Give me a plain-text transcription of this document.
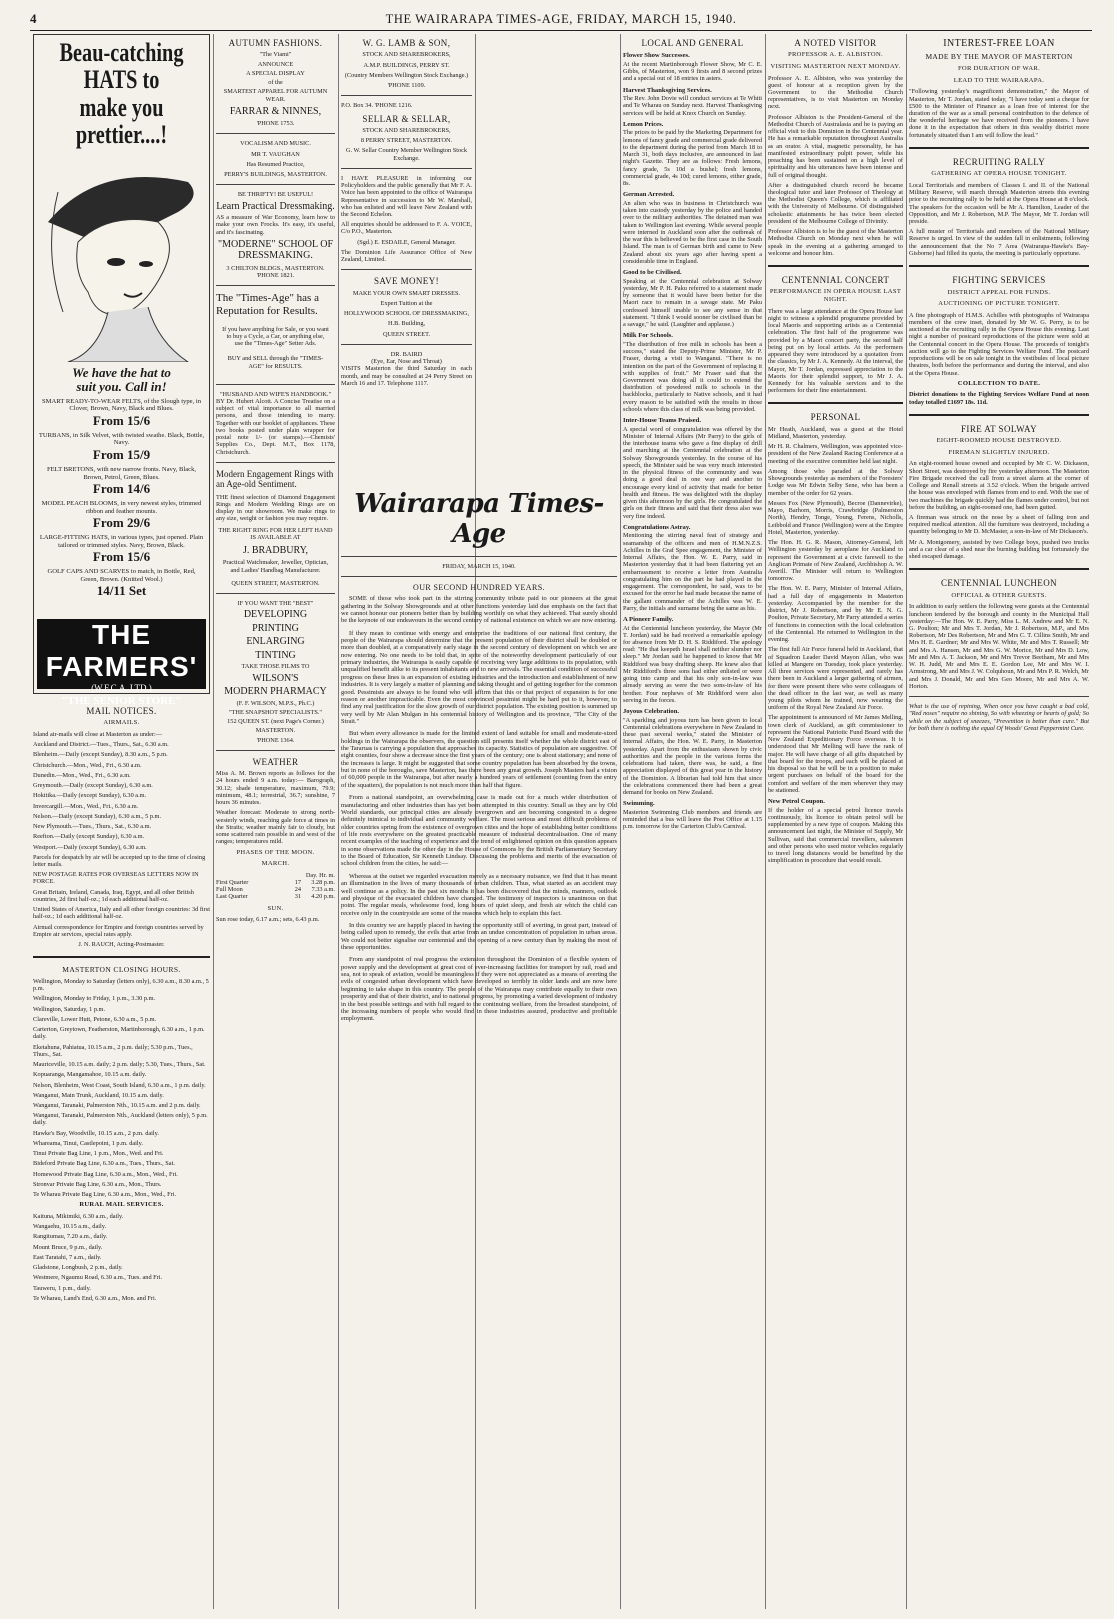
4	THE WAIRARAPA TIMES-AGE, FRIDAY, MARCH 15, 1940.
Beau-catching HATS to
make you prettier....!
We have the hat to
suit you. Call in!
SMART READY-TO-WEAR FELTS, of the Slough type, in Clover, Brown, Navy, Black and Blues.
From 15/6
TURBANS, in Silk Velvet, with twisted swathe. Black, Bottle, Navy.
From 15/9
FELT BRETONS, with new narrow fronts. Navy, Black, Brown, Petrol, Green, Blues.
From 14/6
MODEL PEACH BLOOMS, in very newest styles, trimmed ribbon and feather mounts.
From 29/6
LARGE-FITTING HATS, in various types, just opened. Plain tailored or trimmed styles. Navy, Brown, Black.
From 15/6
GOLF CAPS AND SCARVES to match, in Bottle, Red, Green, Brown. (Knitted Wool.)
14/11 Set
THE FARMERS'
(W.F.C.A. LTD.)
"THE SENIOR STORE"
MAIL NOTICES.
AIRMAILS.

Island air-mails will close at Masterton as under:—

Auckland and District.—Tues., Thurs., Sat., 6.30 a.m.

Blenheim.—Daily (except Sunday), 8.30 a.m., 5 p.m.

Christchurch.—Mon., Wed., Fri., 6.30 a.m.

Dunedin.—Mon., Wed., Fri., 6.30 a.m.

Greymouth.—Daily (except Sunday), 6.30 a.m.

Hokitika.—Daily (except Sunday), 6.30 a.m.

Invercargill.—Mon., Wed., Fri., 6.30 a.m.

Nelson.—Daily (except Sunday), 6.30 a.m., 5 p.m.

New Plymouth.—Tues., Thurs., Sat., 6.30 a.m.

Reefton.—Daily (except Sunday), 6.30 a.m.

Westport.—Daily (except Sunday), 6.30 a.m.

Parcels for despatch by air will be accepted up to the time of closing letter mails.

NEW POSTAGE RATES FOR OVERSEAS LETTERS NOW IN FORCE.

Great Britain, Ireland, Canada, Iraq, Egypt, and all other British countries, 2d first half-oz.; 1d each additional half-oz.

United States of America, Italy and all other foreign countries: 3d first half-oz.; 1d each additional half-oz.

Airmail correspondence for Empire and foreign countries served by Empire air services, special rates apply.

J. N. RAUCH, Acting-Postmaster.

MASTERTON CLOSING HOURS.

Wellington, Monday to Saturday (letters only), 6.30 a.m., 8.30 a.m., 5 p.m.

Wellington, Monday to Friday, 1 p.m., 3.30 p.m.

Wellington, Saturday, 1 p.m.

Clareville, Lower Hutt, Petone, 6.30 a.m., 5 p.m.

Carterton, Greytown, Featherston, Martinborough, 6.30 a.m., 1 p.m. daily.

Eketahuna, Pahiatua, 10.15 a.m., 2 p.m. daily; 5.30 p.m., Tues., Thurs., Sat.

Mauriceville, 10.15 a.m. daily; 2 p.m. daily; 5.30, Tues., Thurs., Sat.

Kopuaranga, Mangamahoe, 10.15 a.m. daily.

Nelson, Blenheim, West Coast, South Island, 6.30 a.m., 1 p.m. daily.

Wanganui, Main Trunk, Auckland, 10.15 a.m. daily.

Wanganui, Taranaki, Palmerston Nth., 10.15 a.m. and 2 p.m. daily.

Wanganui, Taranaki, Palmerston Nth., Auckland (letters only), 5 p.m. daily.

Hawke's Bay, Woodville, 10.15 a.m., 2 p.m. daily.

Whareama, Tinui, Castlepoint, 1 p.m. daily.

Tinui Private Bag Line, 1 p.m., Mon., Wed. and Fri.

Bideford Private Bag Line, 6.30 a.m., Tues., Thurs., Sat.

Homewood Private Bag Line, 6.30 a.m., Mon., Wed., Fri.

Stronvar Private Bag Line, 6.30 a.m., Mon., Thurs.

Te Wharau Private Bag Line, 6.30 a.m., Mon., Wed., Fri.

RURAL MAIL SERVICES.

Kaituna, Mikimiki, 6.30 a.m., daily.

Wangaehu, 10.15 a.m., daily.

Rangitumau, 7.20 a.m., daily.

Mount Bruce, 9 p.m., daily.

East Taratahi, 7 a.m., daily.

Gladstone, Longbush, 2 p.m., daily.

Westmere, Ngaumu Road, 6.30 a.m., Tues. and Fri.

Tauweru, 1 p.m., daily.

Te Wharau, Land's End, 6.30 a.m., Mon. and Fri.

AUTUMN FASHIONS.

"The Viami"

ANNOUNCE

A SPECIAL DISPLAY

of the

SMARTEST APPAREL FOR AUTUMN WEAR.

FARRAR & NINNES,
'PHONE 1753.
VOCALISM AND MUSIC.

MR T. VAUGHAN

Has Resumed Practice,

PERRY'S BUILDINGS, MASTERTON.

BE THRIFTY! BE USEFUL!
Learn Practical Dressmaking.

AS a measure of War Economy, learn how to make your own Frocks. It's easy, it's useful, and it's fascinating.

"MODERNE" SCHOOL OF DRESSMAKING.
3 CHILTON BLDGS., MASTERTON. 'PHONE 1821.
The "Times-Age" has a Reputation for Results.

If you have anything for Sale, or you want to buy a Cycle, a Car, or anything else, use the "Times-Age" Setter Ads.

BUY and SELL through the "TIMES-AGE" for RESULTS.

"HUSBAND AND WIFE'S HANDBOOK."

BY Dr. Hubert Alcott. A Concise Treatise on a subject of vital importance to all married persons, and those intending to marry. Together with our booklet of appliances. These two books posted under plain wrapper for postal note 1/- (or stamps).—Chemists' Supplies Co., Dept. M.T., Box 1178, Christchurch.

Modern Engagement Rings with an Age-old Sentiment.

THE finest selection of Diamond Engagement Rings and Modern Wedding Rings are on display in our showroom. We make rings to any size, weight or fashion you may require.

THE RIGHT RING FOR HER LEFT HAND IS AVAILABLE AT
J. BRADBURY,
Practical Watchmaker, Jeweller, Optician, and Ladies' Handbag Manufacturer.
QUEEN STREET, MASTERTON.
IF YOU WANT THE "BEST"
DEVELOPING
PRINTING
ENLARGING
TINTING
TAKE THOSE FILMS TO
WILSON'S
MODERN PHARMACY
(F. F. WILSON, M.P.S., Ph.C.)
"THE SNAPSHOT SPECIALISTS."
152 QUEEN ST. (next Page's Corner.)
MASTERTON.
'PHONE 1364.
WEATHER

Miss A. M. Brown reports as follows for the 24 hours ended 9 a.m. today:— Barograph, 30.12; shade temperature, maximum, 79.9; minimum, 48.1; terrestrial, 36.7; sunshine, 7 hours 36 minutes.

Weather forecast: Moderate to strong north-westerly winds, reaching gale force at times in the Straits; weather mainly fair to cloudy, but some scattered rain possible in and west of the ranges; temperatures mild.

PHASES OF THE MOON.
MARCH.
Day. Hr. m.
First Quarter	17	3.28 p.m.
Full Moon	24	7.33 a.m.
Last Quarter	31	4.20 p.m.
SUN.

Sun rose today, 6.17 a.m.; sets, 6.43 p.m.

W. G. LAMB & SON,

STOCK AND SHAREBROKERS,

A.M.P. BUILDINGS, PERRY ST.

(Country Members Wellington Stock Exchange.)

'PHONE 1109.

P.O. Box 34. 'PHONE 1216.
SELLAR & SELLAR,

STOCK AND SHAREBROKERS,

8 PERRY STREET, MASTERTON.

G. W. Sellar Country Member Wellington Stock Exchange.

I HAVE PLEASURE in informing our Policyholders and the public generally that Mr F. A. Voice has been appointed to the office of Wairarapa Representative in succession to Mr W. Marshall, who has enlisted and will leave New Zealand with the Second Echelon.

All enquiries should be addressed to F. A. VOICE, C/o P.O., Masterton.

(Sgd.) E. ESDAILE, General Manager.

The Dominion Life Assurance Office of New Zealand, Limited.

SAVE MONEY!

MAKE YOUR OWN SMART DRESSES.

Expert Tuition at the

HOLLYWOOD SCHOOL OF DRESSMAKING,

H.B. Building,

QUEEN STREET.

DR. BAIRD
(Eye, Ear, Nose and Throat)

VISITS Masterton the third Saturday in each month, and may be consulted at 24 Perry Street on March 16 and 17. Telephone 1117.

Wairarapa Times-Age
FRIDAY, MARCH 15, 1940.
OUR SECOND HUNDRED YEARS.

SOME of those who took part in the stirring community tribute paid to our pioneers at the great gathering in the Solway Showgrounds and at other functions yesterday laid due emphasis on the fact that we cannot honour our pioneers better than by building worthily on what they achieved. That surely should be the keynote of our endeavours in the second century of national existence on which we are now entering.

If they mean to continue with energy and enterprise the traditions of our national first century, the people of the Wairarapa should determine that the present population of their district shall be doubled or more than doubled, at a comparatively early stage in the second century of development on which we are now entering. No one needs to be told that, in spite of the noteworthy development particularly of our primary industries, the Wairarapa is easily capable of receiving very large additions to its population, with unqualified benefit alike to its present inhabitants and to new arrivals. The essential condition of successful progress on these lines is an expansion of existing industries and the introduction and establishment of new industries. It is very largely a matter of planning and taking thought and of getting together for the common good. Pessimists are always to be found who will affirm that this or that project of expansion is for one reason or another impracticable. Even the most convinced pessimist might be hard put to it, however, to find any real justification for the slow growth of our district population. The existing position is summed up very well by Mr Alan Mulgan in his centennial history of Wellington and its province, "The City of the Strait."

But when every allowance is made for the limited extent of land suitable for small and moderate-sized holdings in the Wairarapa the observers, the question still presents itself whether the whole district east of the Tararuas is carrying a population that approaches its capacity. Statistics of population are suggestive. Of eight counties, four show a decrease since the first years of the century; one is about stationary; and none of the increases is large. It might be suggested that some country population has been absorbed by the towns, but in none of the boroughs, save Masterton, has there been any great growth. Joseph Masters had a vision of 60,000 people in the Wairarapa, but after nearly a hundred years of settlement (counting from the entry of the squatters), the population is not much more than half that figure.

From a national standpoint, an overwhelming case is made out for a much wider distribution of manufacturing and other industries than has yet been attempted in this country. Small as they are by Old World standards, our principal cities are already overgrown and are becoming congested in a degree definitely inimical to individual and community welfare. The most serious and most difficult problems of older countries spring from the existence of overgrown cities and the hope of establishing better conditions of life rests everywhere on the greatest practicable measure of industrial decentralisation. One of many recent examples of the teaching of experience and the trend of enlightened opinion on this question appears in some observations made the other day in the House of Commons by the British Parliamentary Secretary to the Board of Education, Sir Kenneth Lindsay. Discussing the problems and merits of the evacuation of school children from the cities, he said:—

Whereas at the outset we regarded evacuation merely as a necessary nuisance, we find that it has meant an illumination in the lives of many thousands of urban children. Thus, what started as an accident may well continue as a policy. In the past six months it has been discovered that the minds, manners, outlook and physique of the evacuated children have changed. The testimony of inspectors is unanimous on that point. The regular meals, wholesome food, long hours of quiet sleep, and fresh air which the child can receive only in the countryside are some of the reasons which help to explain this fact.

In this country we are happily placed in having the opportunity still of averting, in great part, instead of being called upon to remedy, the evils that arise from an undue concentration of population in urban areas. We could not better signalise our centennial and the opening of a new century than by making the most of these opportunities.

From any standpoint of real progress the extension throughout the Dominion of a flexible system of power supply and the development at great cost of ever-increasing facilities for transport by rail, road and sea, not to speak of aviation, would be meaningless if they were not appreciated as a means of averting the evils of congested urban development which have developed so terribly in older lands and are now here beginning to take shape in this country. The people of the Wairarapa may contribute equally to their own prosperity and that of their district, and to national progress, by promoting a varied development of industry in the best possible settings and with full regard to the continuing welfare, from the broadest standpoint, of the increasing numbers of people who would find in these industries assured, productive and profitable employment.

LOCAL AND GENERAL
Flower Show Successes.

At the recent Martinborough Flower Show, Mr C. E. Gibbs, of Masterton, won 9 firsts and 8 second prizes and a special out of 18 entries in asters.

Harvest Thanksgiving Services.

The Rev. John Dovie will conduct services at Te Whiti and Te Wharau on Sunday next. Harvest Thanksgiving services will be held at Knox Church on Sunday.

Lemon Prices.

The prices to be paid by the Marketing Department for lemons of fancy grade and commercial grade delivered to the department during the period from March 18 to March 31, both days inclusive, are announced in last night's Gazette. They are as follows: Fresh lemons, fancy grade, 5s 10d a bushel; fresh lemons, commercial grade, 4s 10d; cured lemons, either grade, 8s.

German Arrested.

An alien who was in business in Christchurch was taken into custody yesterday by the police and handed over to the military authorities. The detained man was taken to Wellington last evening. While several people were interned in Auckland soon after the outbreak of the war this is believed to be the first case in the South Island. The man is of German birth and came to New Zealand about six years ago after having spent a considerable time in England.

Good to be Civilised.

Speaking at the Centennial celebration at Solway yesterday, Mr P. H. Paku referred to a statement made by someone that it would have been better for the Maori race to remain in a savage state. Mr Paku confessed himself unable to see any sense in that statement. "I think I would sooner be civilised than be a savage," he said. (Laughter and applause.)

Milk For Schools.

"The distribution of free milk in schools has been a success," stated the Deputy-Prime Minister, Mr P. Fraser, during a visit to Wanganui. "There is no intention on the part of the Government of replacing it with supplies of fruit." Mr Fraser said that the Government was doing all it could to extend the distribution of powdered milk to schools in the backblocks, particularly to Native schools, and it had every reason to be satisfied with the results in those schools where this class of milk was being provided.

Inter-House Teams Praised.

A special word of congratulation was offered by the Minister of Internal Affairs (Mr Parry) to the girls of the interhouse teams who gave a fine display of drill and marching at the Centennial celebration at the Solway Showgrounds yesterday. In the course of his speech, the Minister said he was very much interested in the physical fitness of the community and was doing a good deal in one way and another to encourage every kind of activity that made for better health and fitness. He was delighted with the display given this afternoon by the girls. He congratulated the girls on their fitness and said that their dress also was very fine indeed.

Congratulations Astray.

Mentioning the stirring naval feat of strategy and seamanship of the officers and men of H.M.N.Z.S. Achilles in the Graf Spee engagement, the Minister of Internal Affairs, the Hon. W. E. Parry, said in Masterton yesterday that it had been flattering yet an embarrassment to receive a letter from Australia congratulating him on the part he had played in the engagement. The correspondent, he said, was to be excused for the error he had made because the name of the gallant commander of the Achilles was W. E. Parry, the initials and surname being the same as his.

A Pioneer Family.

At the Centennial luncheon yesterday, the Mayor (Mr T. Jordan) said he had received a remarkable apology for absence from Mr D. H. S. Riddiford. The apology read: "He that keepeth Israel shall neither slumber nor sleep." Mr Jordan said he happened to know that Mr Riddiford was busy drafting sheep. He knew also that Mr Riddiford's three sons had either enlisted or were going into camp and that his only son-in-law was already serving as were the two sons-in-law of his brother. Four nephews of Mr Riddiford were also serving in the forces.

Joyous Celebration.

"A sparkling and joyous turn has been given to local Centennial celebrations everywhere in New Zealand in these past several weeks," stated the Minister of Internal Affairs, the Hon. W. E. Parry, in Masterton yesterday. Apart from the enthusiasm shown by civic authorities and the people in the various forms the celebrations had taken, there was, he said, a fine appreciation displayed of this great year in the history of the Dominion. A librarian had told him that since the celebrations commenced there had been a great demand for books on New Zealand.

Swimming.

Masterton Swimming Club members and friends are reminded that a bus will leave the Post Office at 1.15 p.m. tomorrow for the Carterton Club's Carnival.

A NOTED VISITOR
PROFESSOR A. E. ALBISTON.
VISITING MASTERTON NEXT MONDAY.

Professor A. E. Albiston, who was yesterday the guest of honour at a reception given by the Government to the Methodist Church representatives, is to visit Masterton on Monday next.

Professor Albiston is the President-General of the Methodist Church of Australasia and he is paying an official visit to this Dominion in the Centennial year. He has a remarkable reputation throughout Australia as an orator. A vital, magnetic personality, he has manifested extraordinary pulpit power, while his preaching has been sustained on a high level of spirituality and his utterances have been intense and full of original thought.

After a distinguished church record he became theological tutor and later Professor of Theology at the Methodist Queen's College, which is affiliated with the University of Melbourne. Of distinguished scholastic attainments he has twice been elected president of the Melbourne College of Divinity.

Professor Albiston is to be the guest of the Masterton Methodist Church on Monday next when he will speak in the evening at a gathering arranged to welcome and honour him.

CENTENNIAL CONCERT
PERFORMANCE IN OPERA HOUSE LAST NIGHT.

There was a large attendance at the Opera House last night to witness a splendid programme provided by local Maoris and supporting artists as a Centennial celebration. The first half of the programme was provided by a Maori concert party, the second half being put on by local artists. At the performers appeared they were introduced by a quotation from the classics, by Mr J. A. Kennedy. At the interval, the Mayor, Mr T. Jordan, expressed appreciation to the Maoris for their splendid support, to Mr J. A. Kennedy for his valuable services and to the performers for their fine entertainment.

PERSONAL

Mr Heath, Auckland, was a guest at the Hotel Midland, Masterton, yesterday.

Mr H. R. Chalmers, Wellington, was appointed vice-president of the New Zealand Racing Conference at a meeting of the executive committee held last night.

Among those who paraded at the Solway Showgrounds yesterday as members of the Foresters' Lodge was Mr Edwin Selby Sene, who has been a member of the order for 62 years.

Messrs Fox (New Plymouth), Becroe (Dannevirke), Mayo, Barhorn, Morris, Crawbridge (Palmerston North), Hendry, Tonge, Young, Ferens, Nicholls, Leibbold and France (Wellington) were at the Empire Hotel, Masterton, yesterday.

The Hon. H. G. R. Mason, Attorney-General, left Wellington yesterday by aeroplane for Auckland to represent the Government at a civic farewell to the Anglican Primate of New Zealand, Archbishop A. W. Averill. The Minister will return to Wellington tomorrow.

The Hon. W. E. Parry, Minister of Internal Affairs, had a full day of engagements in Masterton yesterday. Accompanied by the member for the district, Mr J. Robertson, and by Mr E. N. G. Poulton, Private Secretary, Mr Parry attended a series of functions in connection with the local celebration of the Centennial. He returned to Wellington in the evening.

The first full Air Force funeral held in Auckland, that of Squadron Leader David Mayon Allan, who was killed at Mangere on Tuesday, took place yesterday. All three services were represented, and rarely has there been in Auckland a larger gathering of airmen, for there were present there who were colleagues of the dead officer in the last war, as well as many young pilots whom he trained, now wearing the uniform of the Royal New Zealand Air Force.

The appointment is announced of Mr James Melling, town clerk of Auckland, as gift commissioner to represent the National Patriotic Fund Board with the New Zealand Expeditionary Force overseas. It is understood that Mr Melling will have the rank of major. He will have charge of all gifts dispatched by that board for the troops, and each will be placed at his disposal so that he will be in a position to make urgent purchases on behalf of the board for the comfort and welfare of the men wherever they may be stationed.

New Petrol Coupon.

If the holder of a special petrol licence travels continuously, his licence to obtain petrol will be supplemented by a new type of coupon. Making this announcement last night, the Minister of Supply, Mr Sullivan, said that commercial travellers, salesmen and other persons who used motor vehicles regularly to travel long distances would be benefited by the simplification in procedure that would result.

INTEREST-FREE LOAN
MADE BY THE MAYOR OF MASTERTON
FOR DURATION OF WAR.
LEAD TO THE WAIRARAPA.

"Following yesterday's magnificent demonstration," the Mayor of Masterton, Mr T. Jordan, stated today, "I have today sent a cheque for £500 to the Minister of Finance as a loan free of interest for the duration of the war as a small personal contribution to the defence of the wonderful heritage we have received from the pioneers. I have done it in the expectation that others in this wealthy district more fortunately situated than I am will follow the lead."

RECRUITING RALLY
GATHERING AT OPERA HOUSE TONIGHT.

Local Territorials and members of Classes I. and II. of the National Military Reserve, will march through Masterton streets this evening prior to the recruiting rally to be held at the Opera House at 8 o'clock. The speakers for the occasion will be Mr A. Hamilton, Leader of the Opposition, and Mr J. Robertson, M.P. The Mayor, Mr T. Jordan will preside.

A full muster of Territorials and members of the National Military Reserve is urged. In view of the sudden fall in enlistments, following the announcement that the No 7 Area (Wairarapa-Hawke's Bay-Gisborne) had filled its quota, the meeting is particularly opportune.

FIGHTING SERVICES
DISTRICT APPEAL FOR FUNDS.
AUCTIONING OF PICTURE TONIGHT.

A fine photograph of H.M.S. Achilles with photographs of Wairarapa members of the crew inset, donated by Mr W. G. Perry, is to be auctioned at the recruiting rally in the Opera House this evening. Last night a number of postcard reproductions of the picture were sold at the Centennial concert in the Opera House. The proceeds of tonight's auction will go to the Fighting Services Welfare Fund. The postcard reproductions will be on sale tonight in the vestibules of local picture theatres, both before the performance and during the interval, and also at the Opera House.

COLLECTION TO DATE.

District donations to the Fighting Services Welfare Fund at noon today totalled £1697 18s. 11d.

FIRE AT SOLWAY
EIGHT-ROOMED HOUSE DESTROYED.
FIREMAN SLIGHTLY INJURED.

An eight-roomed house owned and occupied by Mr C. W. Dickason, Short Street, was destroyed by fire yesterday afternoon. The Masterton Fire Brigade received the call from a street alarm at the corner of College and Renall streets at 3.52 o'clock. When the brigade arrived the house was enveloped with flames from end to end. With the use of two machines the brigade quickly had the flames under control, but not before the building, an eight-roomed one, had been gutted.

A fireman was struck on the nose by a sheet of falling iron and required medical attention. All the furniture was destroyed, including a quantity belonging to Mr D. McMaster, a son-in-law of Mr Dickason's.

Mr A. Montgomery, assisted by two College boys, pushed two trucks and a car clear of a shed near the burning building but fortunately the shed escaped damage.

CENTENNIAL LUNCHEON
OFFICIAL & OTHER GUESTS.

In addition to early settlers the following were guests at the Centennial luncheon tendered by the borough and county in the Municipal Hall yesterday:—The Hon. W. E. Parry, Miss L. M. Andrew and Mr E. N. G. Poulton; Mr and Mrs T. Jordan, Mr J. Robertson, M.P., and Mrs Robertson, Mr Des Robertson, Mr and Mrs C. T. Cillins Smith, Mr and Mrs H. E. Gardner; Mr and Mrs W. White, Mr and Mrs T. Russell; Mr and Mrs A. Hansen, Mr and Mrs G. W. Morice, Mr and Mrs D. Low, Mr and Mrs A. T. Jackson, Mr and Mrs Trevor Beetham, Mr and Mrs W. H. Judd, Mr and Mrs E. E. Gordon Lee, Mr and Mrs W. I. Armstrong, Mr and Mrs J. W. Colquhoun, Mr and Mrs P. R. Welch, Mr and Mrs J. Donald, Mr and Mrs Geo Moore, Mr and Mrs A. W. Horton.

What is the use of repining, When once you have caught a bad cold, "Red noses" require no shining, So with wheezing or hearts of gold; So while on the subject of sneezes, "Prevention is better than cure." But for both there is nothing the equal Of Woods' Great Peppermint Cure.
